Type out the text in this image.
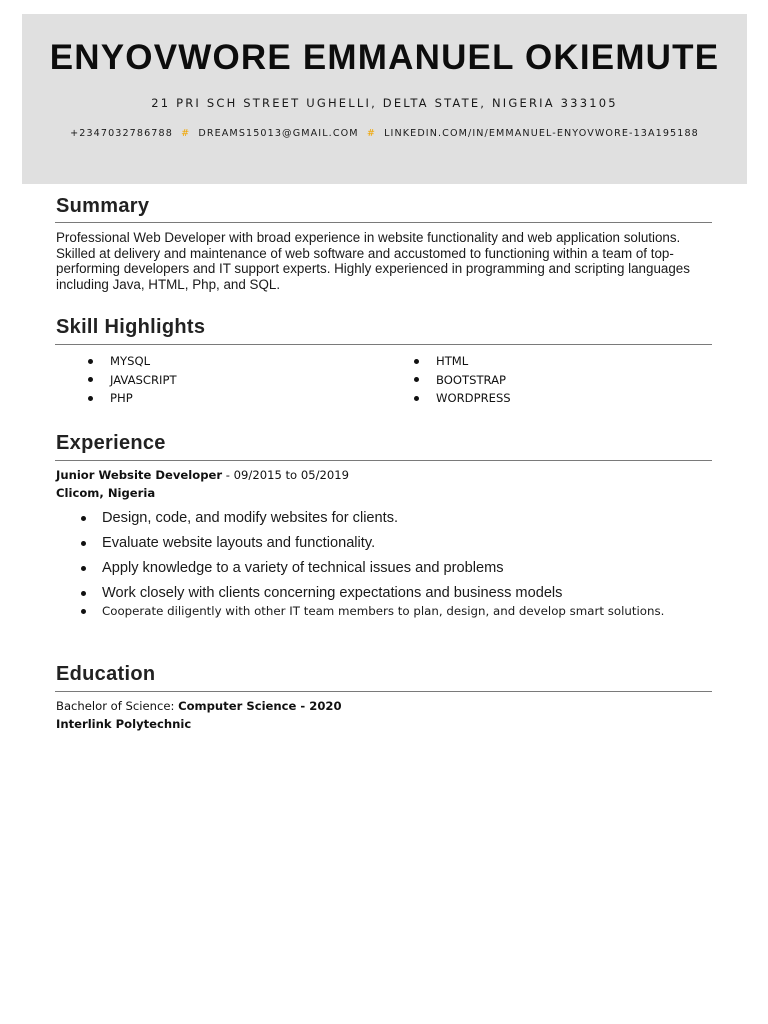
ENYOVWORE EMMANUEL OKIEMUTE
21 PRI SCH STREET UGHELLI, DELTA STATE, NIGERIA 333105
+2347032786788 # DREAMS15013@GMAIL.COM # LINKEDIN.COM/IN/EMMANUEL-ENYOVWORE-13A195188
Summary
Professional Web Developer with broad experience in website functionality and web application solutions. Skilled at delivery and maintenance of web software and accustomed to functioning within a team of top-performing developers and IT support experts. Highly experienced in programming and scripting languages including Java, HTML, Php, and SQL.
Skill Highlights
MYSQL
JAVASCRIPT
PHP
HTML
BOOTSTRAP
WORDPRESS
Experience
Junior Website Developer - 09/2015 to 05/2019
Clicom, Nigeria
Design, code, and modify websites for clients.
Evaluate website layouts and functionality.
Apply knowledge to a variety of technical issues and problems
Work closely with clients concerning expectations and business models
Cooperate diligently with other IT team members to plan, design, and develop smart solutions.
Education
Bachelor of Science: Computer Science - 2020
Interlink Polytechnic
